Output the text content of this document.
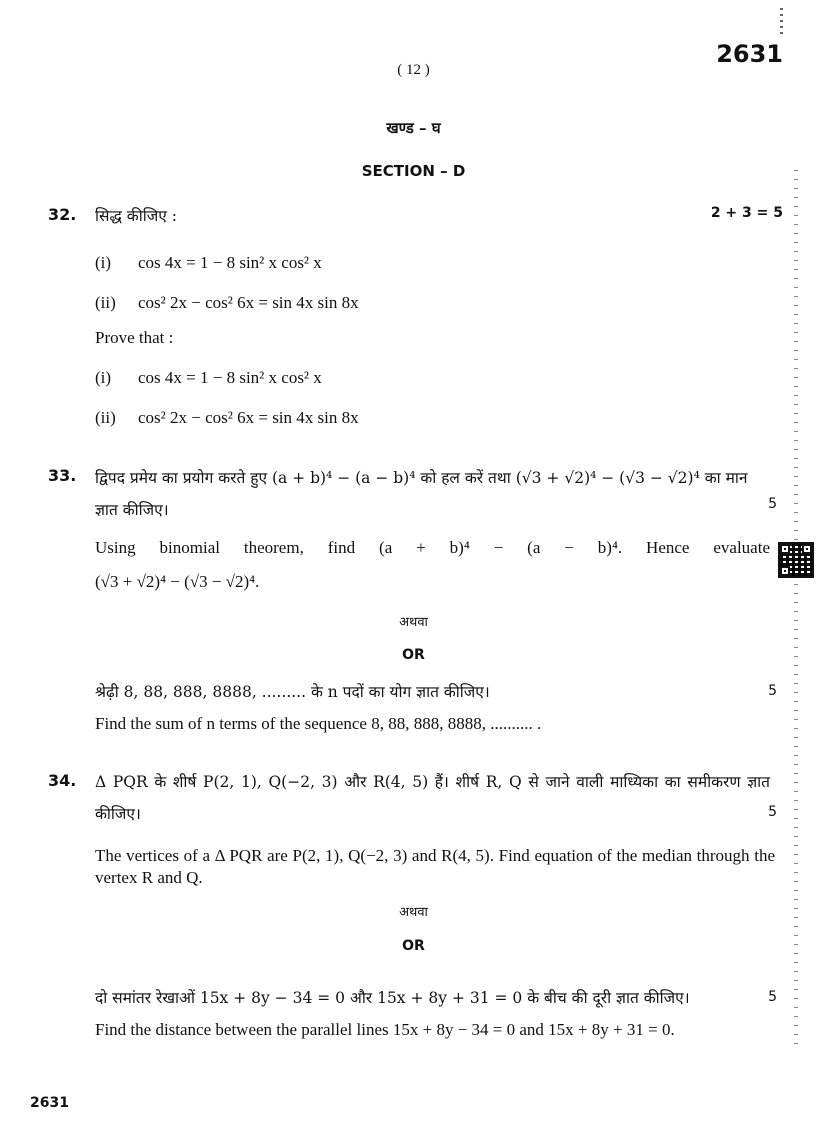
( 12 )
2631
खण्ड – घ
SECTION – D
32. सिद्ध कीजिए :	2 + 3 = 5
(i) cos 4x = 1 − 8 sin² x cos² x
(ii) cos² 2x − cos² 6x = sin 4x sin 8x
Prove that :
(i) cos 4x = 1 − 8 sin² x cos² x
(ii) cos² 2x − cos² 6x = sin 4x sin 8x
33. द्विपद प्रमेय का प्रयोग करते हुए (a + b)⁴ − (a − b)⁴ को हल करें तथा (√3 + √2)⁴ − (√3 − √2)⁴ का मान ज्ञात कीजिए।	5
Using binomial theorem, find (a + b)⁴ − (a − b)⁴. Hence evaluate
(√3 + √2)⁴ − (√3 − √2)⁴.
अथवा
OR
श्रेढ़ी 8, 88, 888, 8888, ......... के n पदों का योग ज्ञात कीजिए।	5
Find the sum of n terms of the sequence 8, 88, 888, 8888, .......... .
34. Δ PQR के शीर्ष P(2, 1), Q(−2, 3) और R(4, 5) हैं। शीर्ष R, Q से जाने वाली माध्यिका का समीकरण ज्ञात कीजिए।	5
The vertices of a Δ PQR are P(2, 1), Q(−2, 3) and R(4, 5). Find equation of the median through the vertex R and Q.
अथवा
OR
दो समांतर रेखाओं 15x + 8y − 34 = 0 और 15x + 8y + 31 = 0 के बीच की दूरी ज्ञात कीजिए।	5
Find the distance between the parallel lines 15x + 8y − 34 = 0 and 15x + 8y + 31 = 0.
2631
